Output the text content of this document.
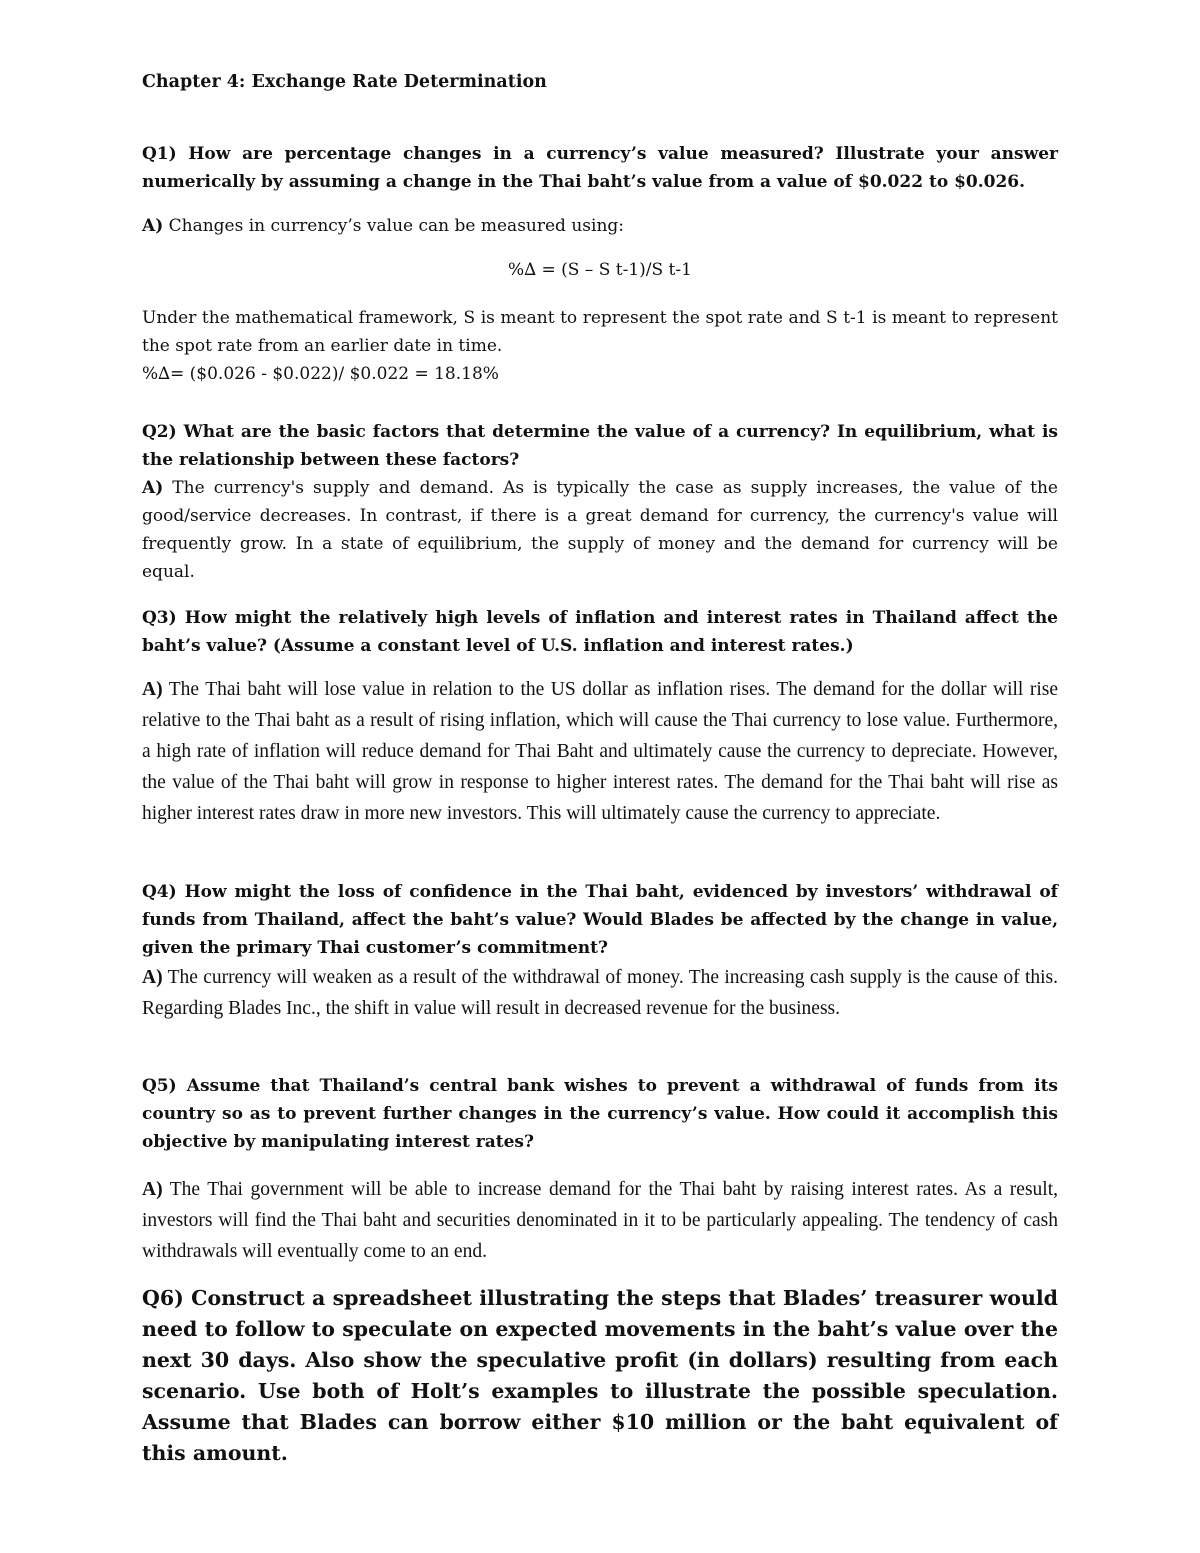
Chapter 4: Exchange Rate Determination

Q1) How are percentage changes in a currency’s value measured? Illustrate your answer numerically by assuming a change in the Thai baht’s value from a value of $0.022 to $0.026.

A) Changes in currency’s value can be measured using:

%∆ = (S – S t-1)/S t-1

Under the mathematical framework, S is meant to represent the spot rate and S t-1 is meant to represent the spot rate from an earlier date in time.

%∆= ($0.026 - $0.022)/ $0.022 = 18.18%

Q2) What are the basic factors that determine the value of a currency? In equilibrium, what is the relationship between these factors?

A) The currency's supply and demand. As is typically the case as supply increases, the value of the good/service decreases. In contrast, if there is a great demand for currency, the currency's value will frequently grow. In a state of equilibrium, the supply of money and the demand for currency will be equal.

Q3) How might the relatively high levels of inflation and interest rates in Thailand affect the baht’s value? (Assume a constant level of U.S. inflation and interest rates.)

A) The Thai baht will lose value in relation to the US dollar as inflation rises. The demand for the dollar will rise relative to the Thai baht as a result of rising inflation, which will cause the Thai currency to lose value. Furthermore, a high rate of inflation will reduce demand for Thai Baht and ultimately cause the currency to depreciate. However, the value of the Thai baht will grow in response to higher interest rates. The demand for the Thai baht will rise as higher interest rates draw in more new investors. This will ultimately cause the currency to appreciate.

Q4) How might the loss of confidence in the Thai baht, evidenced by investors’ withdrawal of funds from Thailand, affect the baht’s value? Would Blades be affected by the change in value, given the primary Thai customer’s commitment?

A) The currency will weaken as a result of the withdrawal of money. The increasing cash supply is the cause of this. Regarding Blades Inc., the shift in value will result in decreased revenue for the business.

Q5) Assume that Thailand’s central bank wishes to prevent a withdrawal of funds from its country so as to prevent further changes in the currency’s value. How could it accomplish this objective by manipulating interest rates?

A) The Thai government will be able to increase demand for the Thai baht by raising interest rates. As a result, investors will find the Thai baht and securities denominated in it to be particularly appealing. The tendency of cash withdrawals will eventually come to an end.

Q6) Construct a spreadsheet illustrating the steps that Blades’ treasurer would need to follow to speculate on expected movements in the baht’s value over the next 30 days. Also show the speculative profit (in dollars) resulting from each scenario. Use both of Holt’s examples to illustrate the possible speculation. Assume that Blades can borrow either $10 million or the baht equivalent of this amount.
